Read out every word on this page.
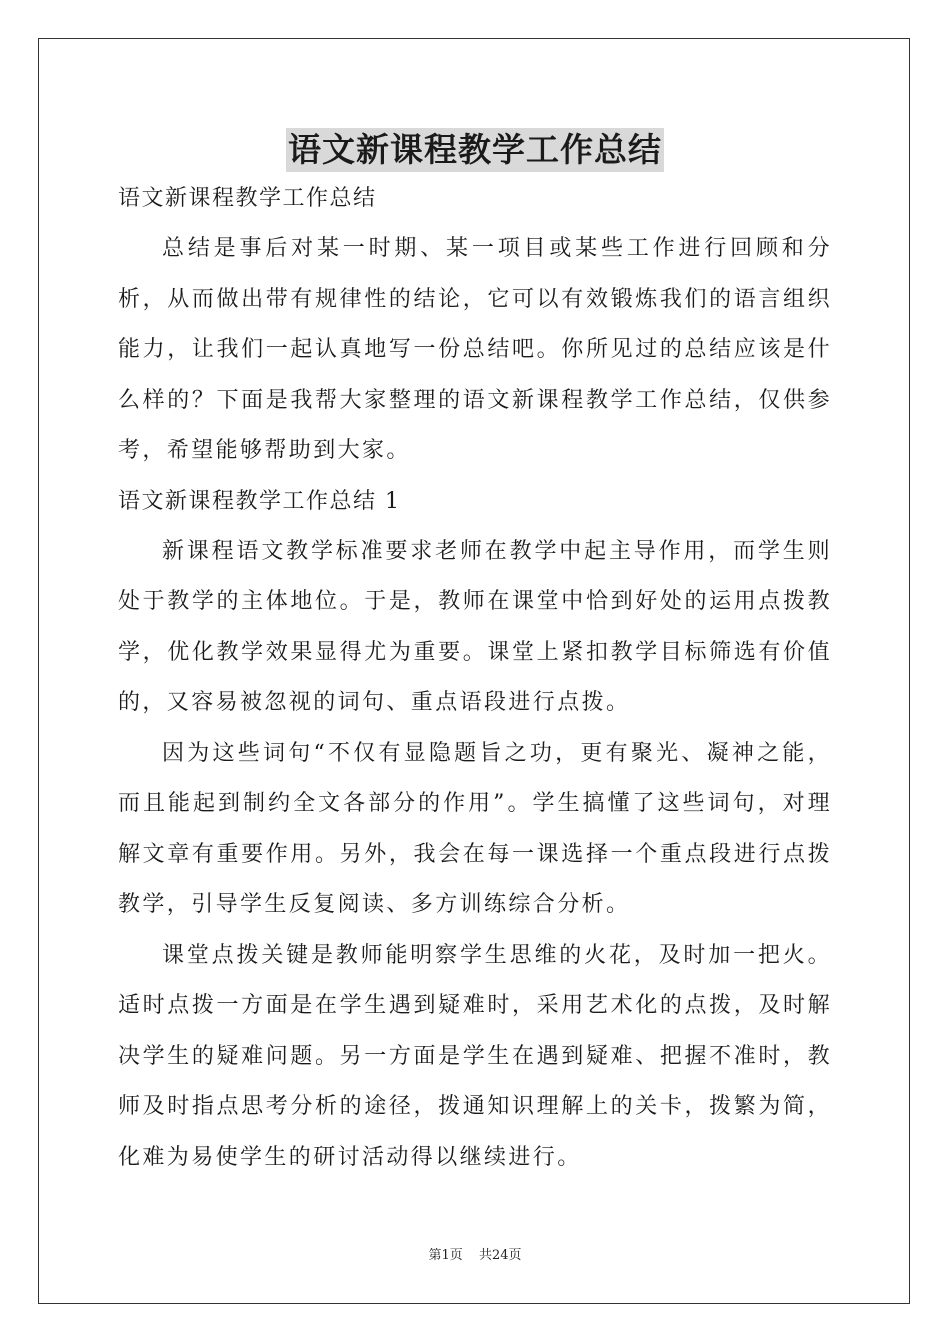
语文新课程教学工作总结

语文新课程教学工作总结

总结是事后对某一时期、某一项目或某些工作进行回顾和分析，从而做出带有规律性的结论，它可以有效锻炼我们的语言组织能力，让我们一起认真地写一份总结吧。你所见过的总结应该是什么样的？下面是我帮大家整理的语文新课程教学工作总结，仅供参考，希望能够帮助到大家。

语文新课程教学工作总结 1

新课程语文教学标准要求老师在教学中起主导作用，而学生则处于教学的主体地位。于是，教师在课堂中恰到好处的运用点拨教学，优化教学效果显得尤为重要。课堂上紧扣教学目标筛选有价值的，又容易被忽视的词句、重点语段进行点拨。

因为这些词句“不仅有显隐题旨之功，更有聚光、凝神之能，而且能起到制约全文各部分的作用”。学生搞懂了这些词句，对理解文章有重要作用。另外，我会在每一课选择一个重点段进行点拨教学，引导学生反复阅读、多方训练综合分析。

课堂点拨关键是教师能明察学生思维的火花，及时加一把火。适时点拨一方面是在学生遇到疑难时，采用艺术化的点拨，及时解决学生的疑难问题。另一方面是学生在遇到疑难、把握不准时，教师及时指点思考分析的途径，拨通知识理解上的关卡，拨繁为简，化难为易使学生的研讨活动得以继续进行。

第1页 共24页
